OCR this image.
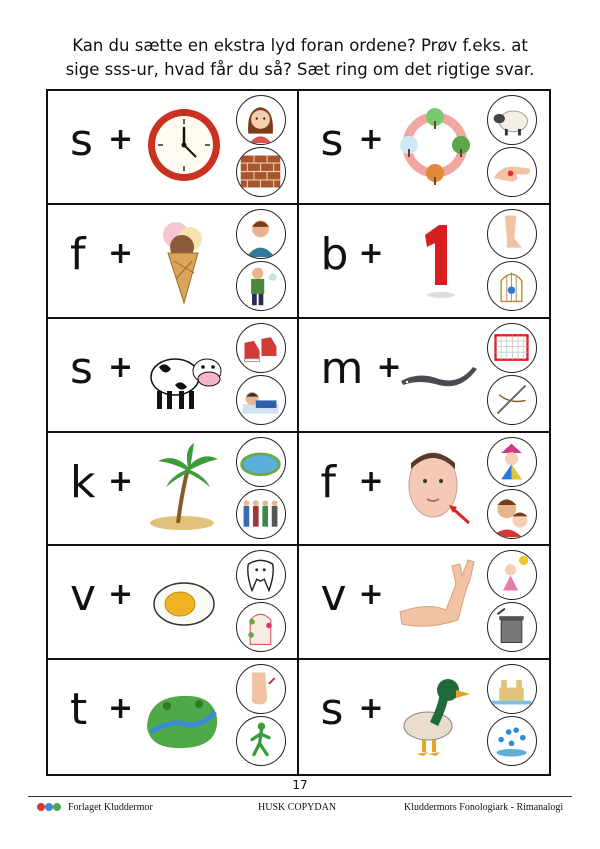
Kan du sætte en ekstra lyd foran ordene? Prøv f.eks. at
sige sss-ur, hvad får du så? Sæt ring om det rigtige svar.
s +	s +
f +	b +
s +	m +
k +	f +
v +	v +
t +	s +
17
Forlaget Kluddermor	HUSK COPYDAN	Kluddermors Fonologiark - Rimanalogi
